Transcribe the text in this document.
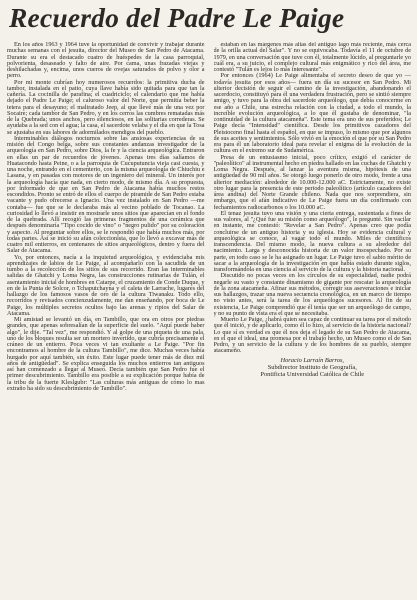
Recuerdo del Padre Le Paige

En los años 1963 y 1964 tuve la oportunidad de convivir y trabajar durante muchas semanas con el jesuita, director del Museo de San Pedro de Atacama. Durante su era el destacado cuatro de huéspedes de la casa parroquial, polvorienta, desaseado y falto de aire. Por cama, unas frazadas viejas y deshilachadas y, encima, unos cueros de ovejas saturados de polvo y olor a perro.

Por mi monte cubrían hoy numerosos recuerdos: la primitiva ducha de tambor, instalada en el patio, cuya llave había sido quitada para que tan la cañería. La cocinilla de parafina; el cuadriciclo; el calendario que me había dejado el Padre Le Paige; el caluroso valor del Norte, que permitía beber la tetera para el desayuno; el maltratado Jeep, al que llevé más de una vez por Socaire; cada tambor de San Pedro, y en los cerros las cumbres rematadas más de la Quebrada; unos anchos, pero silenciosos, en las solitarias correderas. Se ayudaba a la sed con el agua; la casa, el sacerdote velaba y el día en que la Tosa se ajustaba en sus labores de adormilados mendigos del pueblo.

Interminables diálogos nocturnos sobre las ansiosas experiencias de su misión del Congo belga, sobre sus constantes andanzas investigador de la arqueología en San Pedro, sobre Dios, la fe y la ciencia arqueológica. Entraron en ellas un par de recuerdos de jóvenes. Apenas tres días salíamos de Huatacondo hasta Peine, o a la parroquia de Cucuputuncia vieja casi cuesta, y una noche, entrando en el cementerio, con la misma arqueología de Chiuchiu e Lasana, y en pasadas con motores de un ingeniero del mineral. Un interés por la arqueología hacía que nada, en cierto modo, de mismo día. A su propuesta, por informado de que en San Pedro de Atacama había muchos restos escondidos. Pronto se entró de ellos el cuerpo de piramide de San Pedro estaba vacante y pudo ofrecerse a Ignacio. Una vez instalado en San Pedro —me contaba— fue que se le declaraba más al vecino poblado de Tocanao. La curiosidad lo llevó a insistir en mostrarle unos sitios que aparecían en el fondo de la quebrada. Allí recogió las primeras fragmentos de una cerámica que después denominaría "Tipo cocido de vino" o "negro pulido" por su coloración y aspecto. Al preguntar sobre ellos, se le respondió que había muchos más, por todas partes. Así se inició su afán coleccionista, que lo llevó a excavar más de cuatro mil entierros, en centenares de sitios arqueológicos, dentro y fuera del Salar de Atacama.

Yo, por entonces, nacía a la inquietud arqueológica, y evidenciaba mis aprendizajes de labios de Le Paige, al acompañarlo con la sacudida de un tumbo a la recolección de los sitios de sus recorrido. Eran las interminables salidas de Ghatchi y Loma Negra, las construcciones rutinarias de Tulán, el asentamiento inicial de hombres en Catarpe, el cruzamiento de Conde Duque, y en de la Punta de Solcor, o Tchaputchayna y el caleta de Larrache, lugares del hallazgo de los famosos vasos de oro de la cultura Tiwanaku. Todo ello, recorridos y revisados concienzudamente, me dan enseñando, por boca de Le Paige, los múltiples secretos ocultos bajo las arenas y ripios del Salar de Atacama.

Mi amistad se levantó un día, en Tambillo, que ora en otros por piedras grandes, que apenas sobresalían de la superficie del suelo. "Aquí puede haber algo", le dije. "Tal vez", me respondió. Y al golpe de una piqueta de una pala, uno de los bloques resulta ser un mortero invertido, que cubría precisamente el cráneo de un entierro. Poca veces vi tan exultante a Le Paige. "Por fin encontramos al hombre de la cultura Tambillo", me dice. Muchas veces había hurgado por aquí también, sin éxito. Este lugar puede tener más de diez mil años de antigüedad". Se explica enseguida los muchos entierros tan antiguos así han comenzado a llegar al Museo. Decía también que San Pedro fue el primer descubrimiento. Tambillo era posible a su explicación porque había de la tribu de la fuerte Kleslgubr: "Las culturas más antiguas de cómo lo mas extraño ha sido su descubrimiento de Tambillo".

estaban en las márgenes más altas del antiguo lago más reciente, más cerca de la orilla actual del Salar". Y no se equivocaba. Todavía el 11 de octubre de 1979, en una conversación que tuve con él, totalmente lúcido, al preguntarle yo cuál era, a su juicio, el complejo cultural más enigmático y rico del área, me contestó "Tulán es lejos lo más interesante".

Por entonces (1964) Le Paige alimentaba el secreto deseo de que yo —todavía jesuita por esos años— fuera un día su sucesor en San Pedro. Mi ulterior decisión de seguir el camino de la investigación, abandonando el sacerdocio, constituyó para él una verdadera frustración, pero se sintió siempre amigo, y tuvo para la obra del sacerdote arqueólogo, que debía conocerme en ese año a Chile, una estrecha relación con la ciudad, a todo el mundo, la increíble evolución arqueológica, a lo que él gustaba de denominar, "la continuidad de la cultura atacameña". Este tema era uno de sus preferidos; Le Paige decía "Intensidad" científica. Desde los primitivos cazadores del Pleistoceno final hasta el español, en que se impuso, lo mismo que por algunos de sus aceites y sentimientos. Sólo vivió en la emoción el que por su San Pedro era para él un laboratorio ideal para revelar el enigma de la evolución de la cultura en el extremo sur de Sudamérica.

Presa de un entusiasmo inicial, poco crítico, exigió el carácter de "paleolítico" al instrumental hecho en piedra hallado en las cuchas de Ghatchi y Loma Negra. Después, al lanzar la aventura misma, hipótesis de una antigüedad de 90 mil años. Se otorgó luego ponerlo de otro modo, frente a una ulterior mediación: alrededor de 10.000-12.000 aC. Estrictamente, no existe otro lugar para la presencia de este periodo paleolítico (artículo cazadores del área andina) del Norte Grande chileno. Nada que nos sorprendiera, sin embargo, que el afán indicativo de Le Paige fuera un día confirmado con fechamientos radiocarbonos o los 10.000 aC.

El tenaz jesuita tuvo una visión y una cierta entrega, sustentada a fines de sus valores, al "¿Qué fue su misión como arqueólogo", le pregunté. Sin vacilar en instante, me contestó: "Revelar a San Pedro". Apenas creo que podía concluirse de un antiguo historia y su iglesia. Hoy se evidencia cultural y arqueológica se conoce, al vagar todo el mundo. Miles de científicos transcendencia. Del mismo modo, la nueva cultura a su alrededor del nacimiento. Larga y desconocida historia de un valor insospechado. Por su parte, en todo caso se le ha asignado un lugar. Le Paige tuvo el sabio mérito de sacar a la arqueología de la investigación en que había estado durante siglos, transformándola en una ciencia al servicio de la cultura y la historia nacional.

Discutido no pocas veces en los círculos de su especialidad, nadie podrá negarle su vasto y constante dinamismo de gigante por rescatar la arqueología de la zona atacameña. Afinar sus métodos, corregir sus aseveraciones e iniciar sus hallazgos, trazar una nueva secuencia cronológica, en un marco de tiempo no visto antes, será la tarea de los arqueólogos sucesores. Al fin de su existencia, Le Paige comprendió que él tenía que ser un arqueólogo de campo, y no su punto de vista era el que se necesitaba.

Muerto Le Paige, ¿habrá quien sea capaz de continuar su tarea por el método que él inició, y de aplicarlo, como él lo hizo, al servicio de la historia nacional? Lo que sí es verdad es que él nos deja el legado de su San Pedro de Atacama, en el que el ideal, una promesa por el trabajo hecho, un Museo como el de San Pedro, y un servicio de la cultura y de los hombres de su pueblo, siempre atacameño.

Horacio Larraín Barros,
Subdirector Instituto de Geografía,
Pontificia Universidad Católica de Chile
